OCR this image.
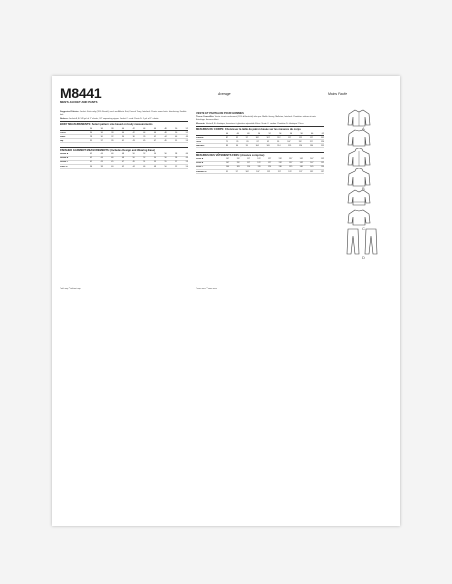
M8441
MEN'S JACKET AND PANTS
Average	Moins Facile
Suggested Fabrics: Jacket: Knits only (20% Stretch) such as Athletic Knit, French Terry, Interlock. Pants: same knits. Interfacing: Fusible knit.
Notions: Jacket A, B: 5/8 yd. of 1" elastic, 24" separating zipper. Jacket C: cord. Pants D: 1 yd. of 1" elastic.
BODY MEASUREMENTS: Select pattern size based on body measurements
34	36	38	40	42	44	46	48	50	52
Chest	34	36	38	40	42	44	46	48	50	52
Waist	28	30	32	34	36	39	42	44	46	49
Hip	35	37	39	41	43	45	47	49	51	53
FINISHED GARMENT MEASUREMENTS: (Includes Design and Wearing Ease)
Jacket A	42	44	46	48	50	52	54	56	58	60
Jacket B	42	44	46	48	50	52	54	56	58	60
Jacket C	41	43	45	47	49	51	53	55	57	59
Pants D	36	38	40	42	44	46	48	50	52	54
VESTE ET PANTALON POUR HOMMES
Tissus Conseillés: Veste: tricots seulement (20% d'élasticité) tels que: Maille Jersey, Molleton, Interlock. Pantalon: mêmes tricots. Entoilage: thermocollant.
Mercerie: Veste A, B: élastique, fermeture à glissière séparable 60cm. Veste C: cordon. Pantalon D: élastique 2.5cm.
MESURES DU CORPS: Choisissez la taille du patron basée sur les mesures du corps
44	46	48	50	52	54	56	58	60	62
Poitrine	87	92	97	102	107	112	117	122	127	132
Taille	71	76	81	87	92	99	107	112	117	124
Hanches	89	94	99	104	109	114	119	124	130	135
MESURES DES VÊTEMENTS FINIS: (Aisance comprise)
Veste A	107	112	117	122	127	132	137	142	147	152
Veste B	107	112	117	122	127	132	137	142	147	152
Veste C	104	109	114	119	124	130	135	140	145	150
Pantalon D	91	97	102	107	112	117	122	127	132	137
*with nap **without nap	*avec sens **sans sens
A
B
C
D
